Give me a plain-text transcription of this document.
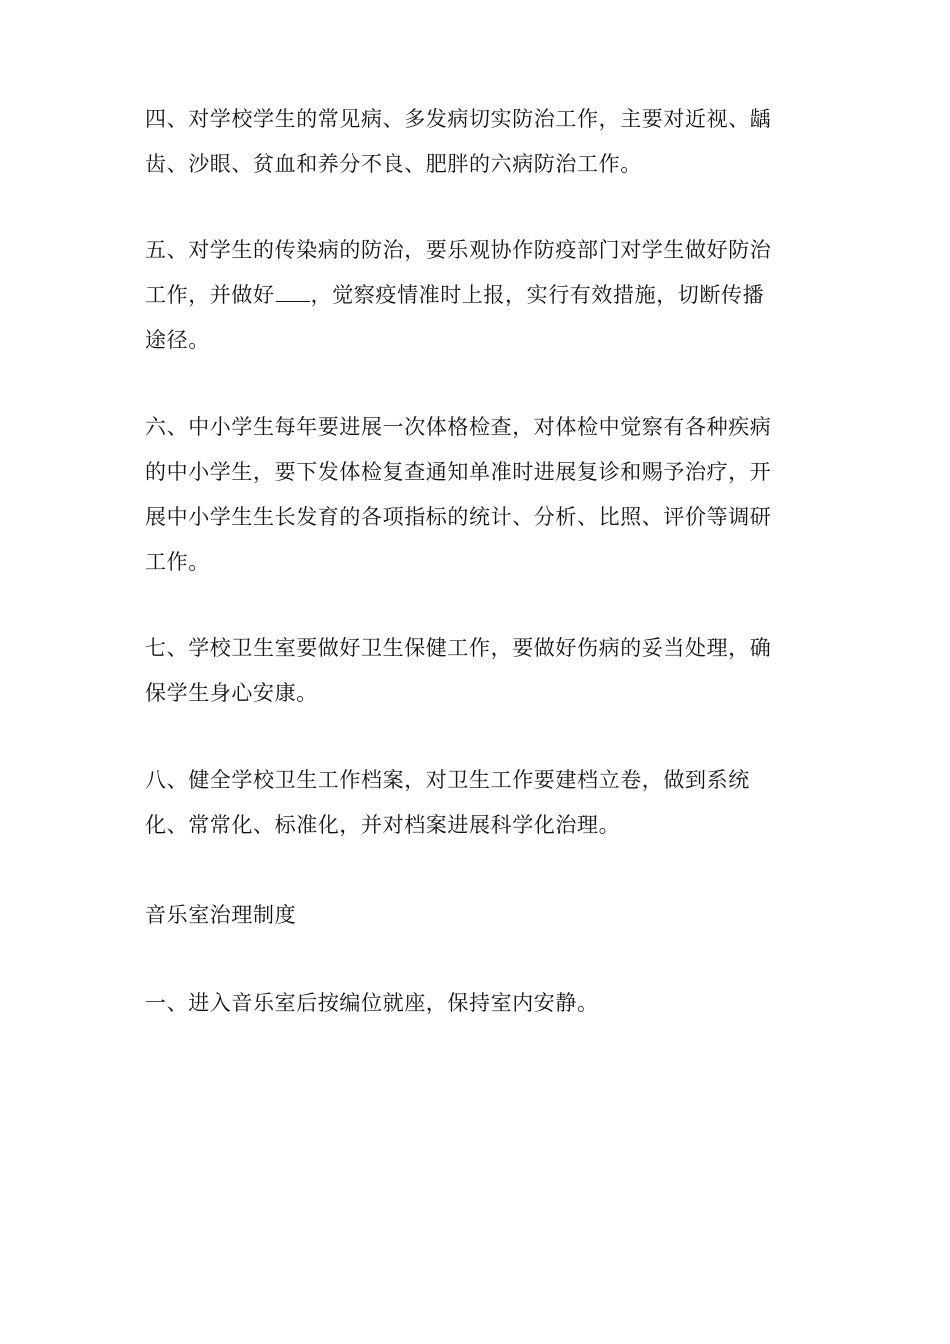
四、对学校学生的常见病、多发病切实防治工作，主要对近视、龋
齿、沙眼、贫血和养分不良、肥胖的六病防治工作。

五、对学生的传染病的防治，要乐观协作防疫部门对学生做好防治
工作，并做好 ，觉察疫情准时上报，实行有效措施，切断传播
途径。

六、中小学生每年要进展一次体格检查，对体检中觉察有各种疾病
的中小学生，要下发体检复查通知单准时进展复诊和赐予治疗，开
展中小学生生长发育的各项指标的统计、分析、比照、评价等调研
工作。

七、学校卫生室要做好卫生保健工作，要做好伤病的妥当处理，确
保学生身心安康。

八、健全学校卫生工作档案，对卫生工作要建档立卷，做到系统
化、常常化、标准化，并对档案进展科学化治理。

音乐室治理制度

一、进入音乐室后按编位就座，保持室内安静。
